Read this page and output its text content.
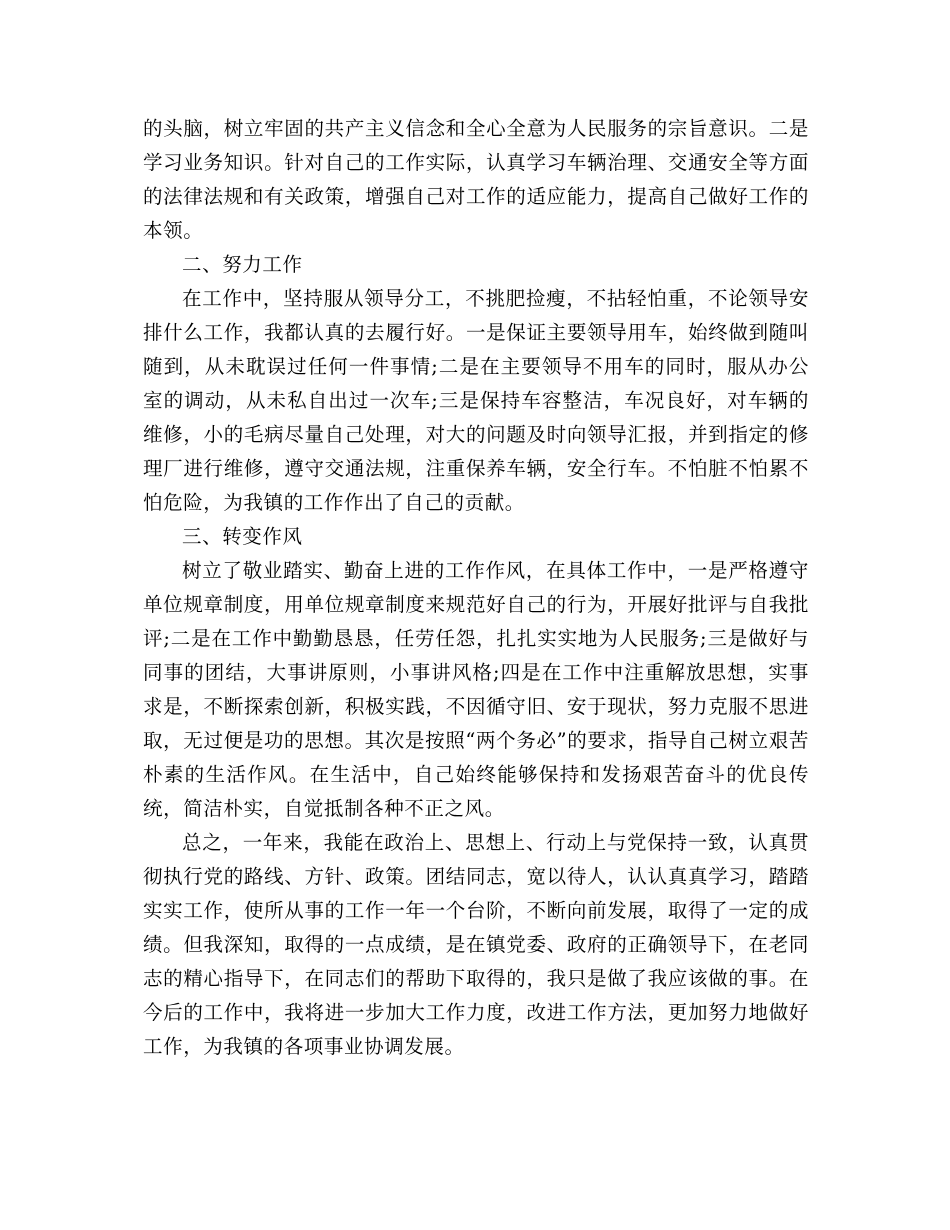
的头脑，树立牢固的共产主义信念和全心全意为人民服务的宗旨意识。二是学习业务知识。针对自己的工作实际，认真学习车辆治理、交通安全等方面的法律法规和有关政策，增强自己对工作的适应能力，提高自己做好工作的本领。

二、努力工作

在工作中，坚持服从领导分工，不挑肥捡瘦，不拈轻怕重，不论领导安排什么工作，我都认真的去履行好。一是保证主要领导用车，始终做到随叫随到，从未耽误过任何一件事情;二是在主要领导不用车的同时，服从办公室的调动，从未私自出过一次车;三是保持车容整洁，车况良好，对车辆的维修，小的毛病尽量自己处理，对大的问题及时向领导汇报，并到指定的修理厂进行维修，遵守交通法规，注重保养车辆，安全行车。不怕脏不怕累不怕危险，为我镇的工作作出了自己的贡献。

三、转变作风

树立了敬业踏实、勤奋上进的工作作风，在具体工作中，一是严格遵守单位规章制度，用单位规章制度来规范好自己的行为，开展好批评与自我批评;二是在工作中勤勤恳恳，任劳任怨，扎扎实实地为人民服务;三是做好与同事的团结，大事讲原则，小事讲风格;四是在工作中注重解放思想，实事求是，不断探索创新，积极实践，不因循守旧、安于现状，努力克服不思进取，无过便是功的思想。其次是按照“两个务必”的要求，指导自己树立艰苦朴素的生活作风。在生活中，自己始终能够保持和发扬艰苦奋斗的优良传统，简洁朴实，自觉抵制各种不正之风。

总之，一年来，我能在政治上、思想上、行动上与党保持一致，认真贯彻执行党的路线、方针、政策。团结同志，宽以待人，认认真真学习，踏踏实实工作，使所从事的工作一年一个台阶，不断向前发展，取得了一定的成绩。但我深知，取得的一点成绩，是在镇党委、政府的正确领导下，在老同志的精心指导下，在同志们的帮助下取得的，我只是做了我应该做的事。在今后的工作中，我将进一步加大工作力度，改进工作方法，更加努力地做好工作，为我镇的各项事业协调发展。
